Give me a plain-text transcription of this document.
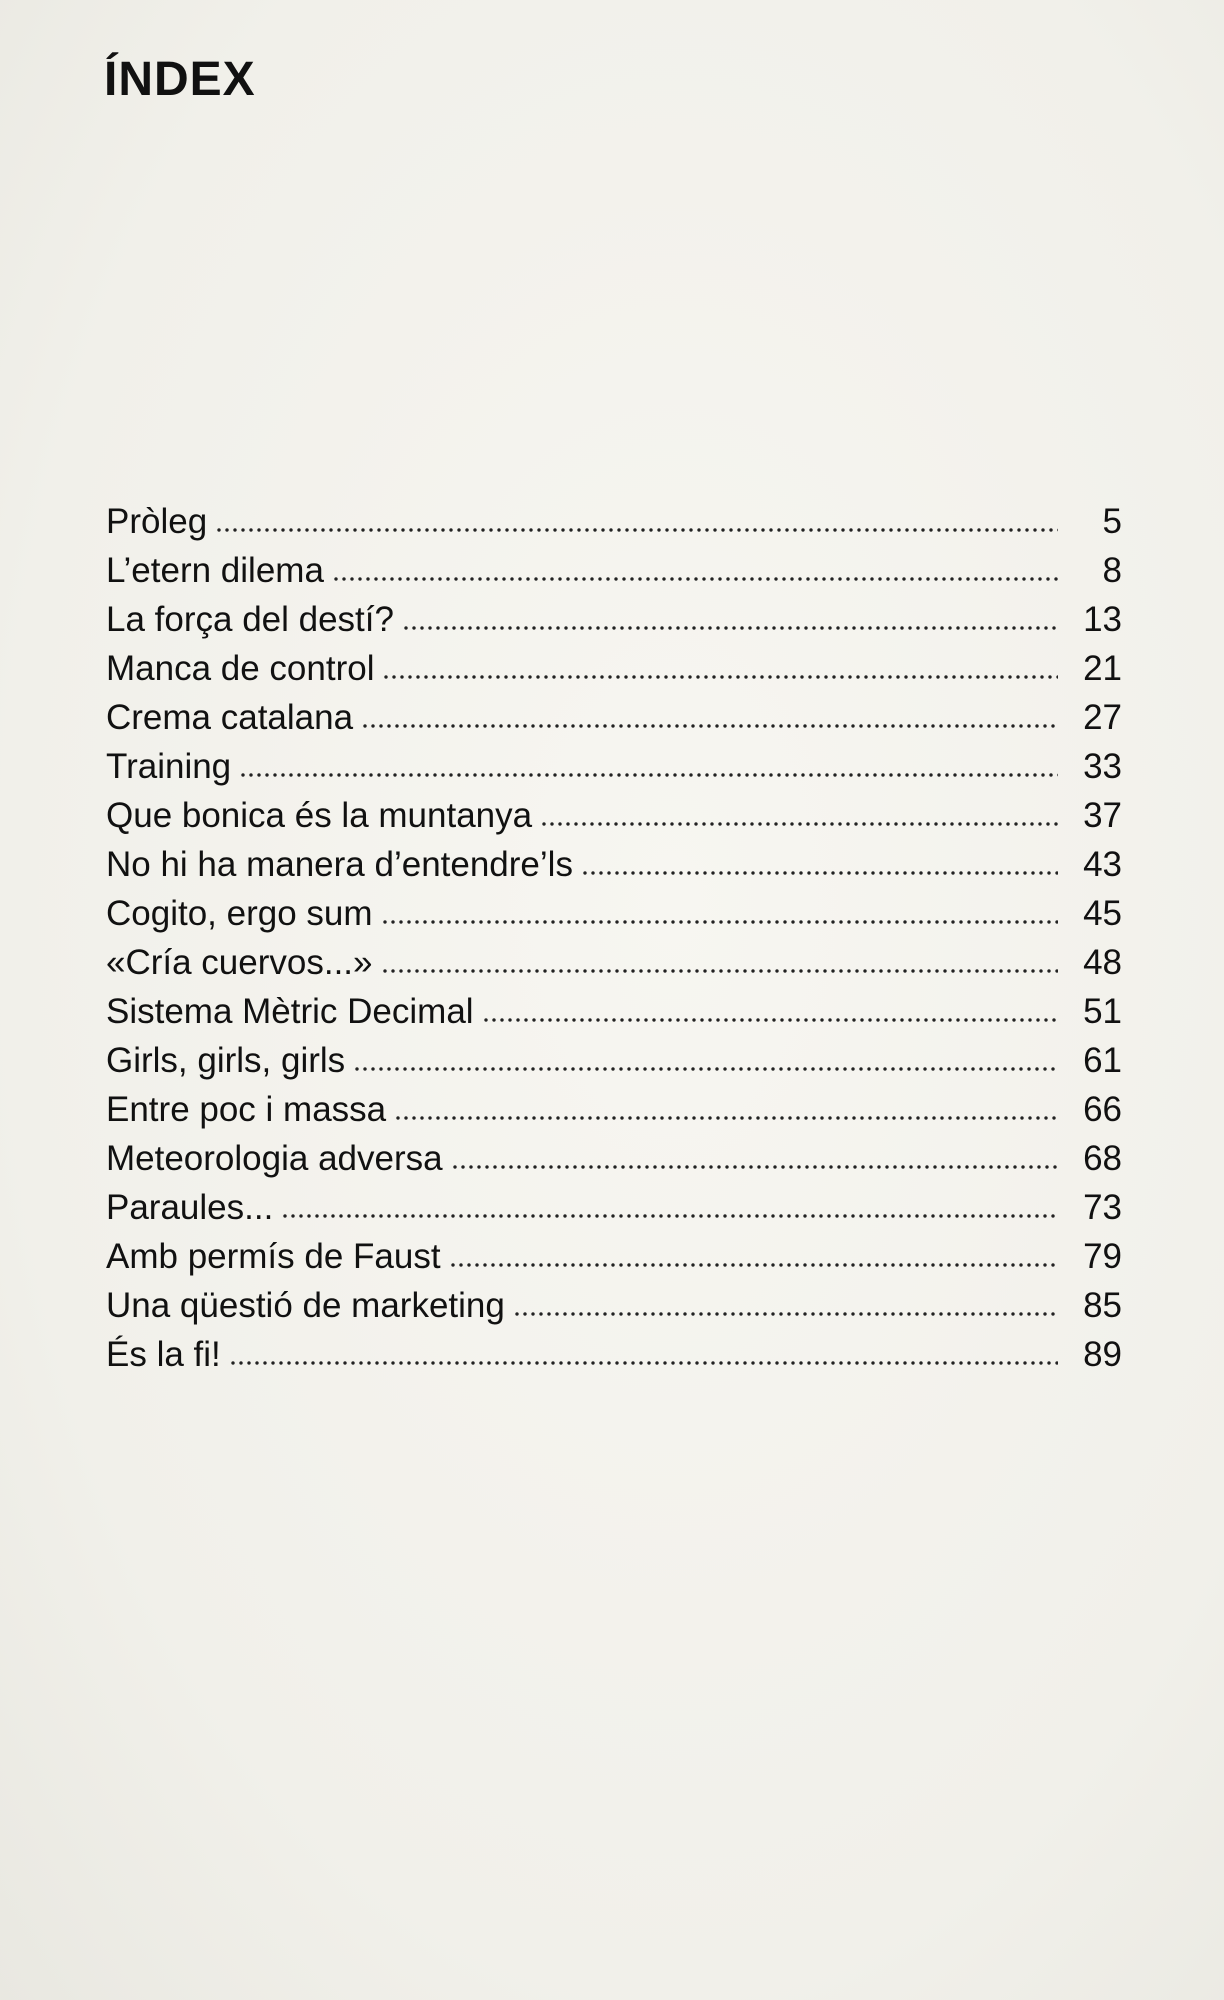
ÍNDEX
Pròleg	5
L’etern dilema	8
La força del destí?	13
Manca de control	21
Crema catalana	27
Training	33
Que bonica és la muntanya	37
No hi ha manera d’entendre’ls	43
Cogito, ergo sum	45
«Cría cuervos...»	48
Sistema Mètric Decimal	51
Girls, girls, girls	61
Entre poc i massa	66
Meteorologia adversa	68
Paraules...	73
Amb permís de Faust	79
Una qüestió de marketing	85
És la fi!	89
